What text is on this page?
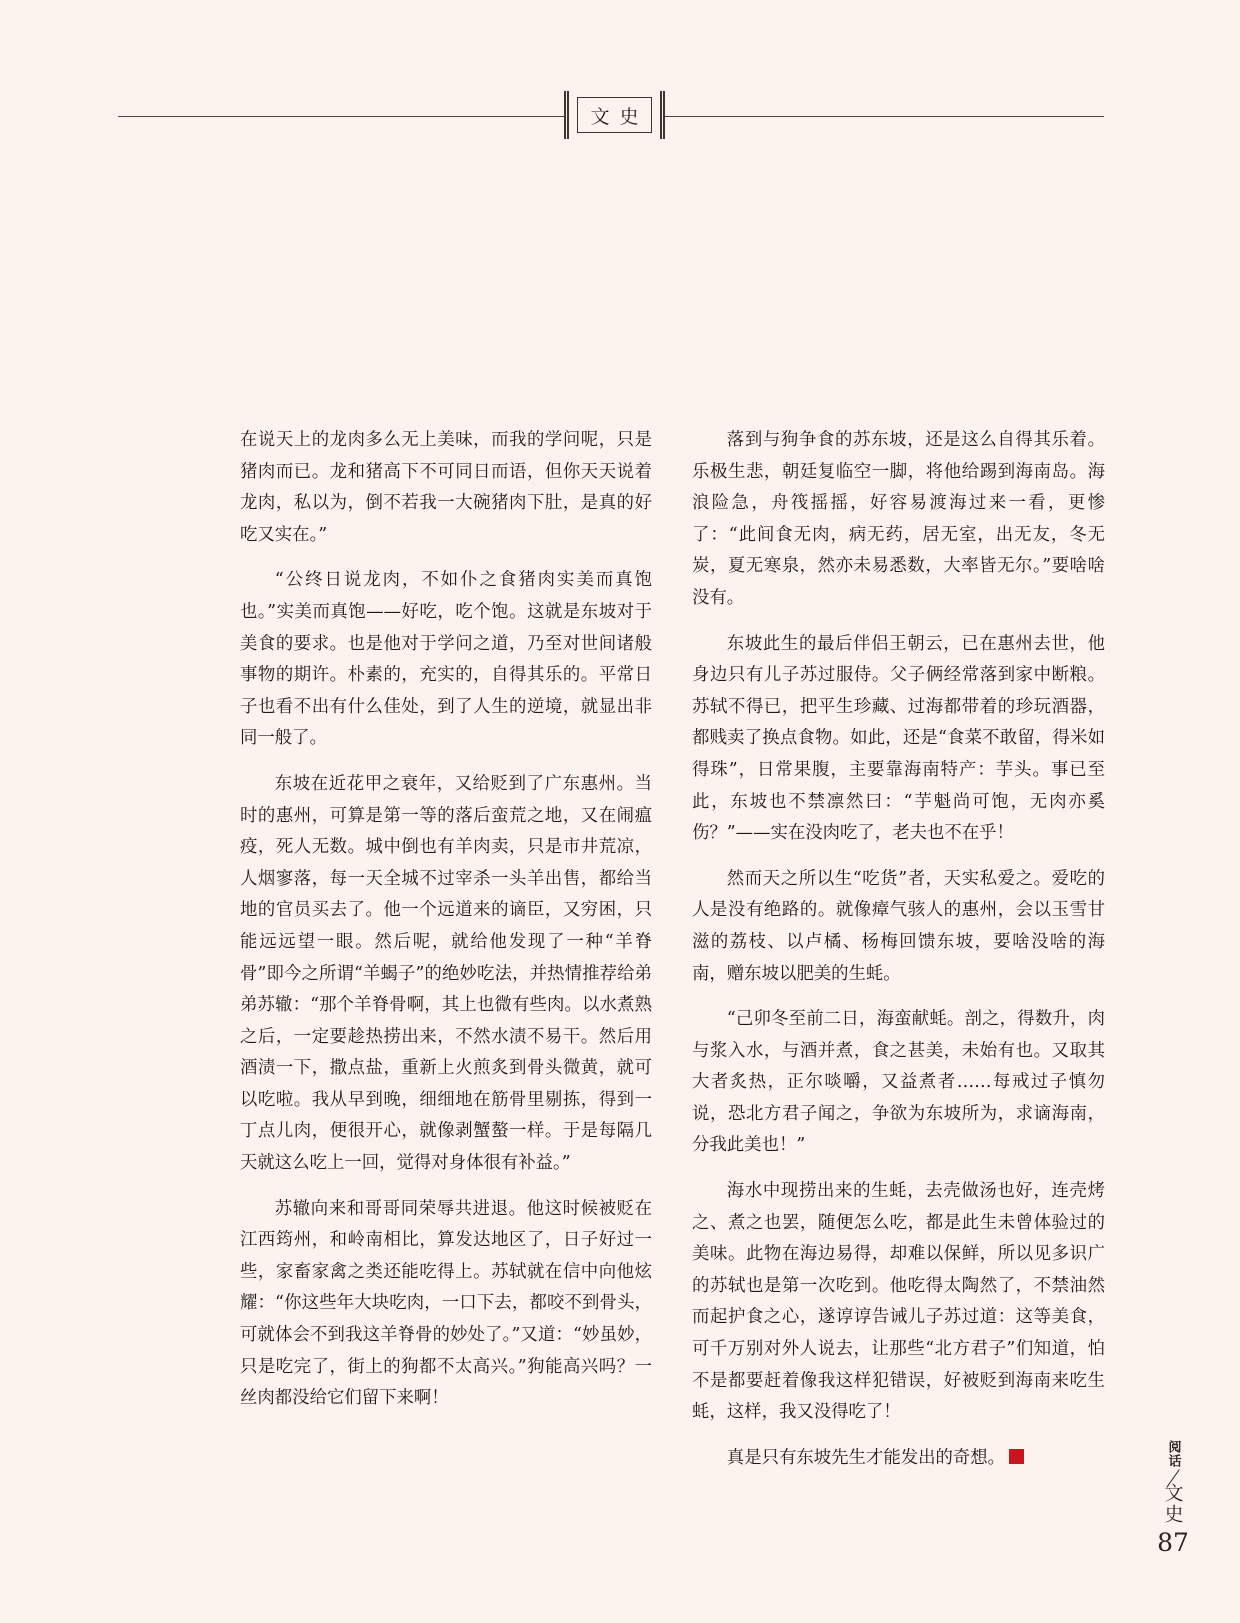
文史

在说天上的龙肉多么无上美味，而我的学问呢，只是猪肉而已。龙和猪高下不可同日而语，但你天天说着龙肉，私以为，倒不若我一大碗猪肉下肚，是真的好吃又实在。”

“公终日说龙肉，不如仆之食猪肉实美而真饱也。”实美而真饱——好吃，吃个饱。这就是东坡对于美食的要求。也是他对于学问之道，乃至对世间诸般事物的期许。朴素的，充实的，自得其乐的。平常日子也看不出有什么佳处，到了人生的逆境，就显出非同一般了。

东坡在近花甲之衰年，又给贬到了广东惠州。当时的惠州，可算是第一等的落后蛮荒之地，又在闹瘟疫，死人无数。城中倒也有羊肉卖，只是市井荒凉，人烟寥落，每一天全城不过宰杀一头羊出售，都给当地的官员买去了。他一个远道来的谪臣，又穷困，只能远远望一眼。然后呢，就给他发现了一种“羊脊骨”即今之所谓“羊蝎子”的绝妙吃法，并热情推荐给弟弟苏辙：“那个羊脊骨啊，其上也微有些肉。以水煮熟之后，一定要趁热捞出来，不然水渍不易干。然后用酒渍一下，撒点盐，重新上火煎炙到骨头微黄，就可以吃啦。我从早到晚，细细地在筋骨里剔拣，得到一丁点儿肉，便很开心，就像剥蟹螯一样。于是每隔几天就这么吃上一回，觉得对身体很有补益。”

苏辙向来和哥哥同荣辱共进退。他这时候被贬在江西筠州，和岭南相比，算发达地区了，日子好过一些，家畜家禽之类还能吃得上。苏轼就在信中向他炫耀：“你这些年大块吃肉，一口下去，都咬不到骨头，可就体会不到我这羊脊骨的妙处了。”又道：“妙虽妙，只是吃完了，街上的狗都不太高兴。”狗能高兴吗？一丝肉都没给它们留下来啊！

落到与狗争食的苏东坡，还是这么自得其乐着。乐极生悲，朝廷复临空一脚，将他给踢到海南岛。海浪险急，舟筏摇摇，好容易渡海过来一看，更惨了：“此间食无肉，病无药，居无室，出无友，冬无炭，夏无寒泉，然亦未易悉数，大率皆无尔。”要啥啥没有。

东坡此生的最后伴侣王朝云，已在惠州去世，他身边只有儿子苏过服侍。父子俩经常落到家中断粮。苏轼不得已，把平生珍藏、过海都带着的珍玩酒器，都贱卖了换点食物。如此，还是“食菜不敢留，得米如得珠”，日常果腹，主要靠海南特产：芋头。事已至此，东坡也不禁凛然曰：“芋魁尚可饱，无肉亦奚伤？”——实在没肉吃了，老夫也不在乎！

然而天之所以生“吃货”者，天实私爱之。爱吃的人是没有绝路的。就像瘴气骇人的惠州，会以玉雪甘滋的荔枝、以卢橘、杨梅回馈东坡，要啥没啥的海南，赠东坡以肥美的生蚝。

“己卯冬至前二日，海蛮献蚝。剖之，得数升，肉与浆入水，与酒并煮，食之甚美，未始有也。又取其大者炙热，正尔啖嚼，又益煮者……每戒过子慎勿说，恐北方君子闻之，争欲为东坡所为，求谪海南，分我此美也！”

海水中现捞出来的生蚝，去壳做汤也好，连壳烤之、煮之也罢，随便怎么吃，都是此生未曾体验过的美味。此物在海边易得，却难以保鲜，所以见多识广的苏轼也是第一次吃到。他吃得太陶然了，不禁油然而起护食之心，遂谆谆告诫儿子苏过道：这等美食，可千万别对外人说去，让那些“北方君子”们知道，怕不是都要赶着像我这样犯错误，好被贬到海南来吃生蚝，这样，我又没得吃了！

真是只有东坡先生才能发出的奇想。	阅话
文史
87
